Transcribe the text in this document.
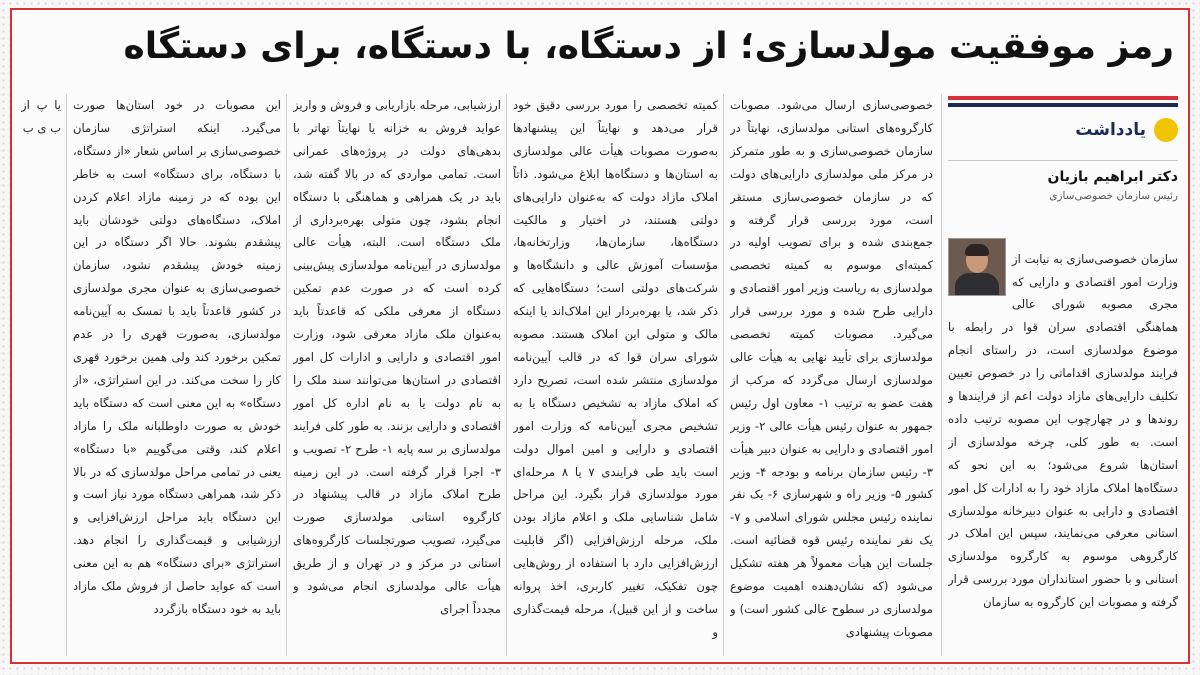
رمز موفقیت مولدسازی؛ از دستگاه، با دستگاه، برای دستگاه
یادداشت
دکتر ابراهیم بازیان
رئیس سازمان خصوصی‌سازی

سازمان خصوصی‌سازی به نیابت از وزارت امور اقتصادی و دارایی که مجری مصوبه شورای عالی هماهنگی اقتصادی سران قوا در رابطه با موضوع مولدسازی است، در راستای انجام فرایند مولدسازی اقداماتی را در خصوص تعیین تکلیف دارایی‌های مازاد دولت اعم از فرایندها و روندها و در چهارچوب این مصوبه ترتیب داده است. به طور کلی، چرخه مولدسازی از استان‌ها شروع می‌شود؛ به این نحو که دستگاه‌ها املاک مازاد خود را به ادارات کل امور اقتصادی و دارایی به عنوان دبیرخانه مولدسازی استانی معرفی می‌نمایند، سپس این املاک در کارگروهی موسوم به کارگروه مولدسازی استانی و با حضور استانداران مورد بررسی قرار گرفته و مصوبات این کارگروه به سازمان

خصوصی‌سازی ارسال می‌شود. مصوبات کارگروه‌های استانی مولدسازی، نهایتاً در سازمان خصوصی‌سازی و به طور متمرکز در مرکز ملی مولدسازی دارایی‌های دولت که در سازمان خصوصی‌سازی مستقر است، مورد بررسی قرار گرفته و جمع‌بندی شده و برای تصویب اولیه در کمیته‌ای موسوم به کمیته تخصصی مولدسازی به ریاست وزیر امور اقتصادی و دارایی طرح شده و مورد بررسی قرار می‌گیرد. مصوبات کمیته تخصصی مولدسازی برای تأیید نهایی به هیأت عالی مولدسازی ارسال می‌گردد که مرکب از هفت عضو به ترتیب ۱- معاون اول رئیس جمهور به عنوان رئیس هیأت عالی ۲- وزیر امور اقتصادی و دارایی به عنوان دبیر هیأت ۳- رئیس سازمان برنامه و بودجه ۴- وزیر کشور ۵- وزیر راه و شهرسازی ۶- یک نفر نماینده رئیس مجلس شورای اسلامی و ۷- یک نفر نماینده رئیس قوه قضائیه است. جلسات این هیأت معمولاً هر هفته تشکیل می‌شود (که نشان‌دهنده اهمیت موضوع مولدسازی در سطوح عالی کشور است) و مصوبات پیشنهادی

کمیته تخصصی را مورد بررسی دقیق خود قرار می‌دهد و نهایتاً این پیشنهادها به‌صورت مصوبات هیأت عالی مولدسازی به استان‌ها و دستگاه‌ها ابلاغ می‌شود. ذاتاً املاک مازاد دولت که به‌عنوان دارایی‌های دولتی هستند، در اختیار و مالکیت دستگاه‌ها، سازمان‌ها، وزارتخانه‌ها، مؤسسات آموزش عالی و دانشگاه‌ها و شرکت‌های دولتی است؛ دستگاه‌هایی که ذکر شد، یا بهره‌بردار این املاک‌اند یا اینکه مالک و متولی این املاک هستند. مصوبه شورای سران قوا که در قالب آیین‌نامه مولدسازی منتشر شده است، تصریح دارد که املاک مازاد به تشخیص دستگاه یا به تشخیص مجری آیین‌نامه که وزارت امور اقتصادی و دارایی و امین اموال دولت است باید طی فرایندی ۷ یا ۸ مرحله‌ای مورد مولدسازی قرار بگیرد. این مراحل شامل شناسایی ملک و اعلام مازاد بودن ملک، مرحله ارزش‌افزایی (اگر قابلیت ارزش‌افزایی دارد با استفاده از روش‌هایی چون تفکیک، تغییر کاربری، اخذ پروانه ساخت و از این قبیل)، مرحله قیمت‌گذاری و

ارزشیابی، مرحله بازاریابی و فروش و واریز عواید فروش به خزانه یا نهایتاً تهاتر با بدهی‌های دولت در پروژه‌های عمرانی است. تمامی مواردی که در بالا گفته شد، باید در یک همراهی و هماهنگی با دستگاه انجام بشود، چون متولی بهره‌برداری از ملک دستگاه است. البته، هیأت عالی مولدسازی در آیین‌نامه مولدسازی پیش‌بینی کرده است که در صورت عدم تمکین دستگاه از معرفی ملکی که قاعدتاً باید به‌عنوان ملک مازاد معرفی شود، وزارت امور اقتصادی و دارایی و ادارات کل امور اقتصادی در استان‌ها می‌توانند سند ملک را به نام دولت یا به نام اداره کل امور اقتصادی و دارایی بزنند. به طور کلی فرایند مولدسازی بر سه پایه ۱- طرح ۲- تصویب و ۳- اجرا قرار گرفته است. در این زمینه طرح املاک مازاد در قالب پیشنهاد در کارگروه استانی مولدسازی صورت می‌گیرد، تصویب صورتجلسات کارگروه‌های استانی در مرکز و در تهران و از طریق هیأت عالی مولدسازی انجام می‌شود و مجدداً اجرای

این مصوبات در خود استان‌ها صورت می‌گیرد. اینکه استراتژی سازمان خصوصی‌سازی بر اساس شعار «از دستگاه، با دستگاه، برای دستگاه» است به خاطر این بوده که در زمینه مازاد اعلام کردن املاک، دستگاه‌های دولتی خودشان باید پیشقدم بشوند. حالا اگر دستگاه در این زمینه خودش پیشقدم نشود، سازمان خصوصی‌سازی به عنوان مجری مولدسازی در کشور قاعدتاً باید با تمسک به آیین‌نامه مولدسازی، به‌صورت قهری را در عدم تمکین برخورد کند ولی همین برخورد قهری کار را سخت می‌کند. در این استراتژی، «از دستگاه» به این معنی است که دستگاه باید خودش به صورت داوطلبانه ملک را مازاد اعلام کند، وقتی می‌گوییم «با دستگاه» یعنی در تمامی مراحل مولدسازی که در بالا ذکر شد، همراهی دستگاه مورد نیاز است و این دستگاه باید مراحل ارزش‌افزایی و ارزشیابی و قیمت‌گذاری را انجام دهد. استراتژی «برای دستگاه» هم به این معنی است که عواید حاصل از فروش ملک مازاد باید به خود دستگاه بازگردد

یا پ از ب ی ب
